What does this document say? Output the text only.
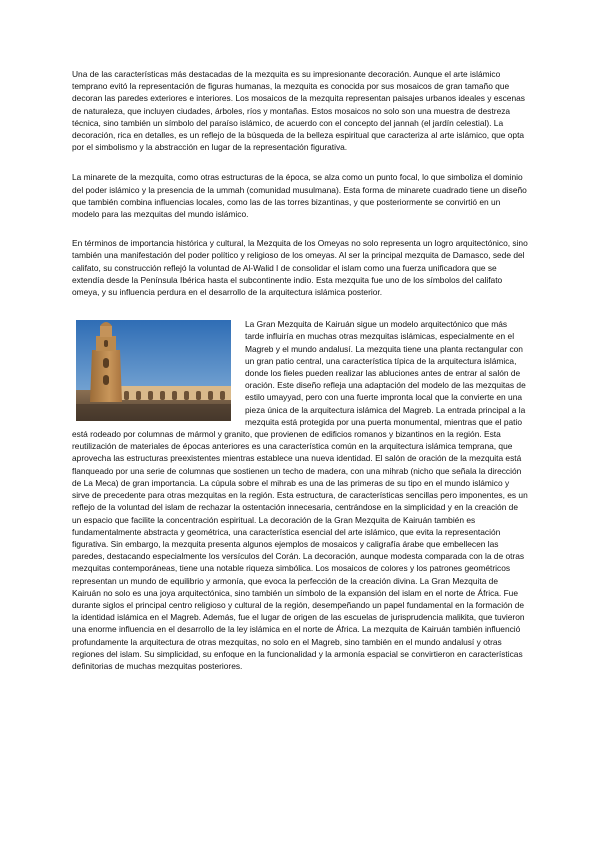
Una de las características más destacadas de la mezquita es su impresionante decoración. Aunque el arte islámico temprano evitó la representación de figuras humanas, la mezquita es conocida por sus mosaicos de gran tamaño que decoran las paredes exteriores e interiores. Los mosaicos de la mezquita representan paisajes urbanos ideales y escenas de naturaleza, que incluyen ciudades, árboles, ríos y montañas. Estos mosaicos no solo son una muestra de destreza técnica, sino también un símbolo del paraíso islámico, de acuerdo con el concepto del jannah (el jardín celestial). La decoración, rica en detalles, es un reflejo de la búsqueda de la belleza espiritual que caracteriza al arte islámico, que opta por el simbolismo y la abstracción en lugar de la representación figurativa.

La minarete de la mezquita, como otras estructuras de la época, se alza como un punto focal, lo que simboliza el dominio del poder islámico y la presencia de la ummah (comunidad musulmana). Esta forma de minarete cuadrado tiene un diseño que también combina influencias locales, como las de las torres bizantinas, y que posteriormente se convirtió en un modelo para las mezquitas del mundo islámico.

En términos de importancia histórica y cultural, la Mezquita de los Omeyas no solo representa un logro arquitectónico, sino también una manifestación del poder político y religioso de los omeyas. Al ser la principal mezquita de Damasco, sede del califato, su construcción reflejó la voluntad de Al-Walid I de consolidar el islam como una fuerza unificadora que se extendía desde la Península Ibérica hasta el subcontinente indio. Esta mezquita fue uno de los símbolos del califato omeya, y su influencia perdura en el desarrollo de la arquitectura islámica posterior.

La Gran Mezquita de Kairuán sigue un modelo arquitectónico que más tarde influiría en muchas otras mezquitas islámicas, especialmente en el Magreb y el mundo andalusí. La mezquita tiene una planta rectangular con un gran patio central, una característica típica de la arquitectura islámica, donde los fieles pueden realizar las abluciones antes de entrar al salón de oración. Este diseño refleja una adaptación del modelo de las mezquitas de estilo umayyad, pero con una fuerte impronta local que la convierte en una pieza única de la arquitectura islámica del Magreb. La entrada principal a la mezquita está protegida por una puerta monumental, mientras que el patio está rodeado por columnas de mármol y granito, que provienen de edificios romanos y bizantinos en la región. Esta reutilización de materiales de épocas anteriores es una característica común en la arquitectura islámica temprana, que aprovecha las estructuras preexistentes mientras establece una nueva identidad. El salón de oración de la mezquita está flanqueado por una serie de columnas que sostienen un techo de madera, con una mihrab (nicho que señala la dirección de La Meca) de gran importancia. La cúpula sobre el mihrab es una de las primeras de su tipo en el mundo islámico y sirve de precedente para otras mezquitas en la región. Esta estructura, de características sencillas pero imponentes, es un reflejo de la voluntad del islam de rechazar la ostentación innecesaria, centrándose en la simplicidad y en la creación de un espacio que facilite la concentración espiritual. La decoración de la Gran Mezquita de Kairuán también es fundamentalmente abstracta y geométrica, una característica esencial del arte islámico, que evita la representación figurativa. Sin embargo, la mezquita presenta algunos ejemplos de mosaicos y caligrafía árabe que embellecen las paredes, destacando especialmente los versículos del Corán. La decoración, aunque modesta comparada con la de otras mezquitas contemporáneas, tiene una notable riqueza simbólica. Los mosaicos de colores y los patrones geométricos representan un mundo de equilibrio y armonía, que evoca la perfección de la creación divina. La Gran Mezquita de Kairuán no solo es una joya arquitectónica, sino también un símbolo de la expansión del islam en el norte de África. Fue durante siglos el principal centro religioso y cultural de la región, desempeñando un papel fundamental en la formación de la identidad islámica en el Magreb. Además, fue el lugar de origen de las escuelas de jurisprudencia malikita, que tuvieron una enorme influencia en el desarrollo de la ley islámica en el norte de África. La mezquita de Kairuán también influenció profundamente la arquitectura de otras mezquitas, no solo en el Magreb, sino también en el mundo andalusí y otras regiones del islam. Su simplicidad, su enfoque en la funcionalidad y la armonía espacial se convirtieron en características definitorias de muchas mezquitas posteriores.
